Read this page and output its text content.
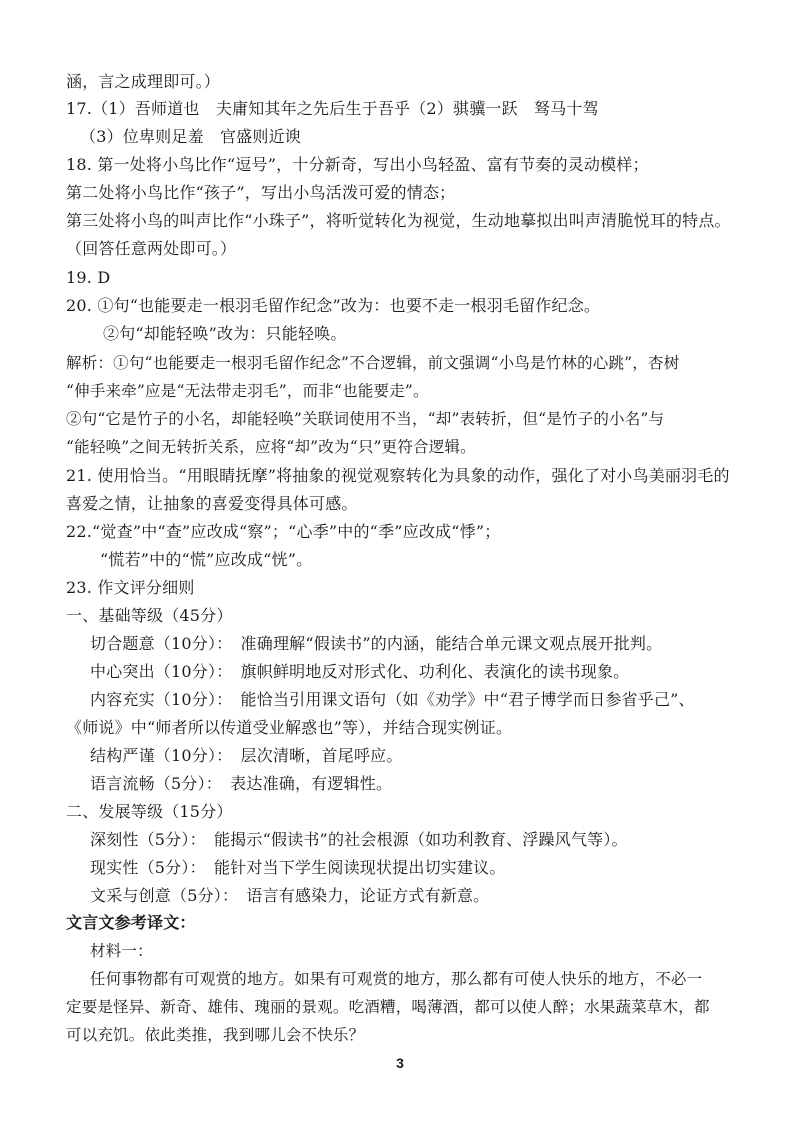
涵，言之成理即可。）
17.（1）吾师道也　夫庸知其年之先后生于吾乎（2）骐骥一跃　驽马十驾
（3）位卑则足羞　官盛则近谀
18. 第一处将小鸟比作“逗号”，十分新奇，写出小鸟轻盈、富有节奏的灵动模样；
第二处将小鸟比作“孩子”，写出小鸟活泼可爱的情态；
第三处将小鸟的叫声比作“小珠子”，将听觉转化为视觉，生动地摹拟出叫声清脆悦耳的特点。
（回答任意两处即可。）
19. D
20. ①句“也能要走一根羽毛留作纪念”改为：也要不走一根羽毛留作纪念。
②句“却能轻唤”改为：只能轻唤。
解析：①句“也能要走一根羽毛留作纪念”不合逻辑，前文强调“小鸟是竹林的心跳”，杏树
“伸手来牵”应是“无法带走羽毛”，而非“也能要走”。
②句“它是竹子的小名，却能轻唤”关联词使用不当，“却”表转折，但“是竹子的小名”与
“能轻唤”之间无转折关系，应将“却”改为“只”更符合逻辑。
21. 使用恰当。“用眼睛抚摩”将抽象的视觉观察转化为具象的动作，强化了对小鸟美丽羽毛的
喜爱之情，让抽象的喜爱变得具体可感。
22.“觉查”中“查”应改成“察”；“心季”中的“季”应改成“悸”；
“慌若”中的“慌”应改成“恍”。
23. 作文评分细则
一、基础等级（45分）
切合题意（10分）：　准确理解“假读书”的内涵，能结合单元课文观点展开批判。
中心突出（10分）：　旗帜鲜明地反对形式化、功利化、表演化的读书现象。
内容充实（10分）：　能恰当引用课文语句（如《劝学》中“君子博学而日参省乎己”、
《师说》中“师者所以传道受业解惑也”等），并结合现实例证。
结构严谨（10分）：　层次清晰，首尾呼应。
语言流畅（5分）：　表达准确，有逻辑性。
二、发展等级（15分）
深刻性（5分）：　能揭示“假读书”的社会根源（如功利教育、浮躁风气等）。
现实性（5分）：　能针对当下学生阅读现状提出切实建议。
文采与创意（5分）：　语言有感染力，论证方式有新意。
文言文参考译文：
材料一：
任何事物都有可观赏的地方。如果有可观赏的地方，那么都有可使人快乐的地方，不必一
定要是怪异、新奇、雄伟、瑰丽的景观。吃酒糟，喝薄酒，都可以使人醉；水果蔬菜草木，都
可以充饥。依此类推，我到哪儿会不快乐？
3
